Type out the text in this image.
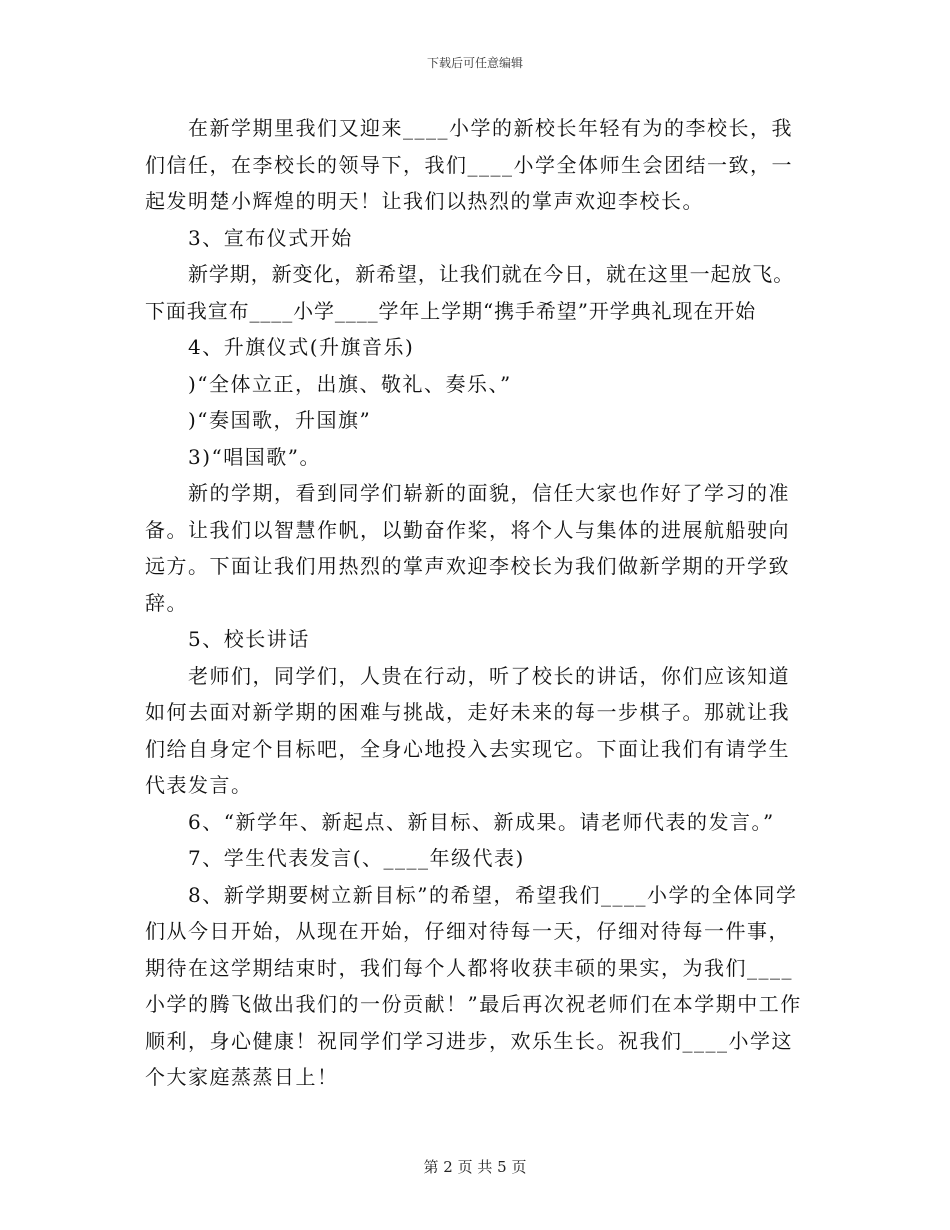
下载后可任意编辑

在新学期里我们又迎来____小学的新校长年轻有为的李校长，我们信任，在李校长的领导下，我们____小学全体师生会团结一致，一起发明楚小辉煌的明天！让我们以热烈的掌声欢迎李校长。

3、宣布仪式开始

新学期，新变化，新希望，让我们就在今日，就在这里一起放飞。下面我宣布____小学____学年上学期“携手希望”开学典礼现在开始

4、升旗仪式(升旗音乐)

)“全体立正，出旗、敬礼、奏乐、”

)“奏国歌，升国旗”

3)“唱国歌”。

新的学期，看到同学们崭新的面貌，信任大家也作好了学习的准备。让我们以智慧作帆，以勤奋作桨，将个人与集体的进展航船驶向远方。下面让我们用热烈的掌声欢迎李校长为我们做新学期的开学致辞。

5、校长讲话

老师们，同学们，人贵在行动，听了校长的讲话，你们应该知道如何去面对新学期的困难与挑战，走好未来的每一步棋子。那就让我们给自身定个目标吧，全身心地投入去实现它。下面让我们有请学生代表发言。

6、“新学年、新起点、新目标、新成果。请老师代表的发言。”

7、学生代表发言(、____年级代表)

8、新学期要树立新目标”的希望，希望我们____小学的全体同学们从今日开始，从现在开始，仔细对待每一天，仔细对待每一件事，期待在这学期结束时，我们每个人都将收获丰硕的果实，为我们____小学的腾飞做出我们的一份贡献！”最后再次祝老师们在本学期中工作顺利，身心健康！祝同学们学习进步，欢乐生长。祝我们____小学这个大家庭蒸蒸日上！

第 2 页 共 5 页
